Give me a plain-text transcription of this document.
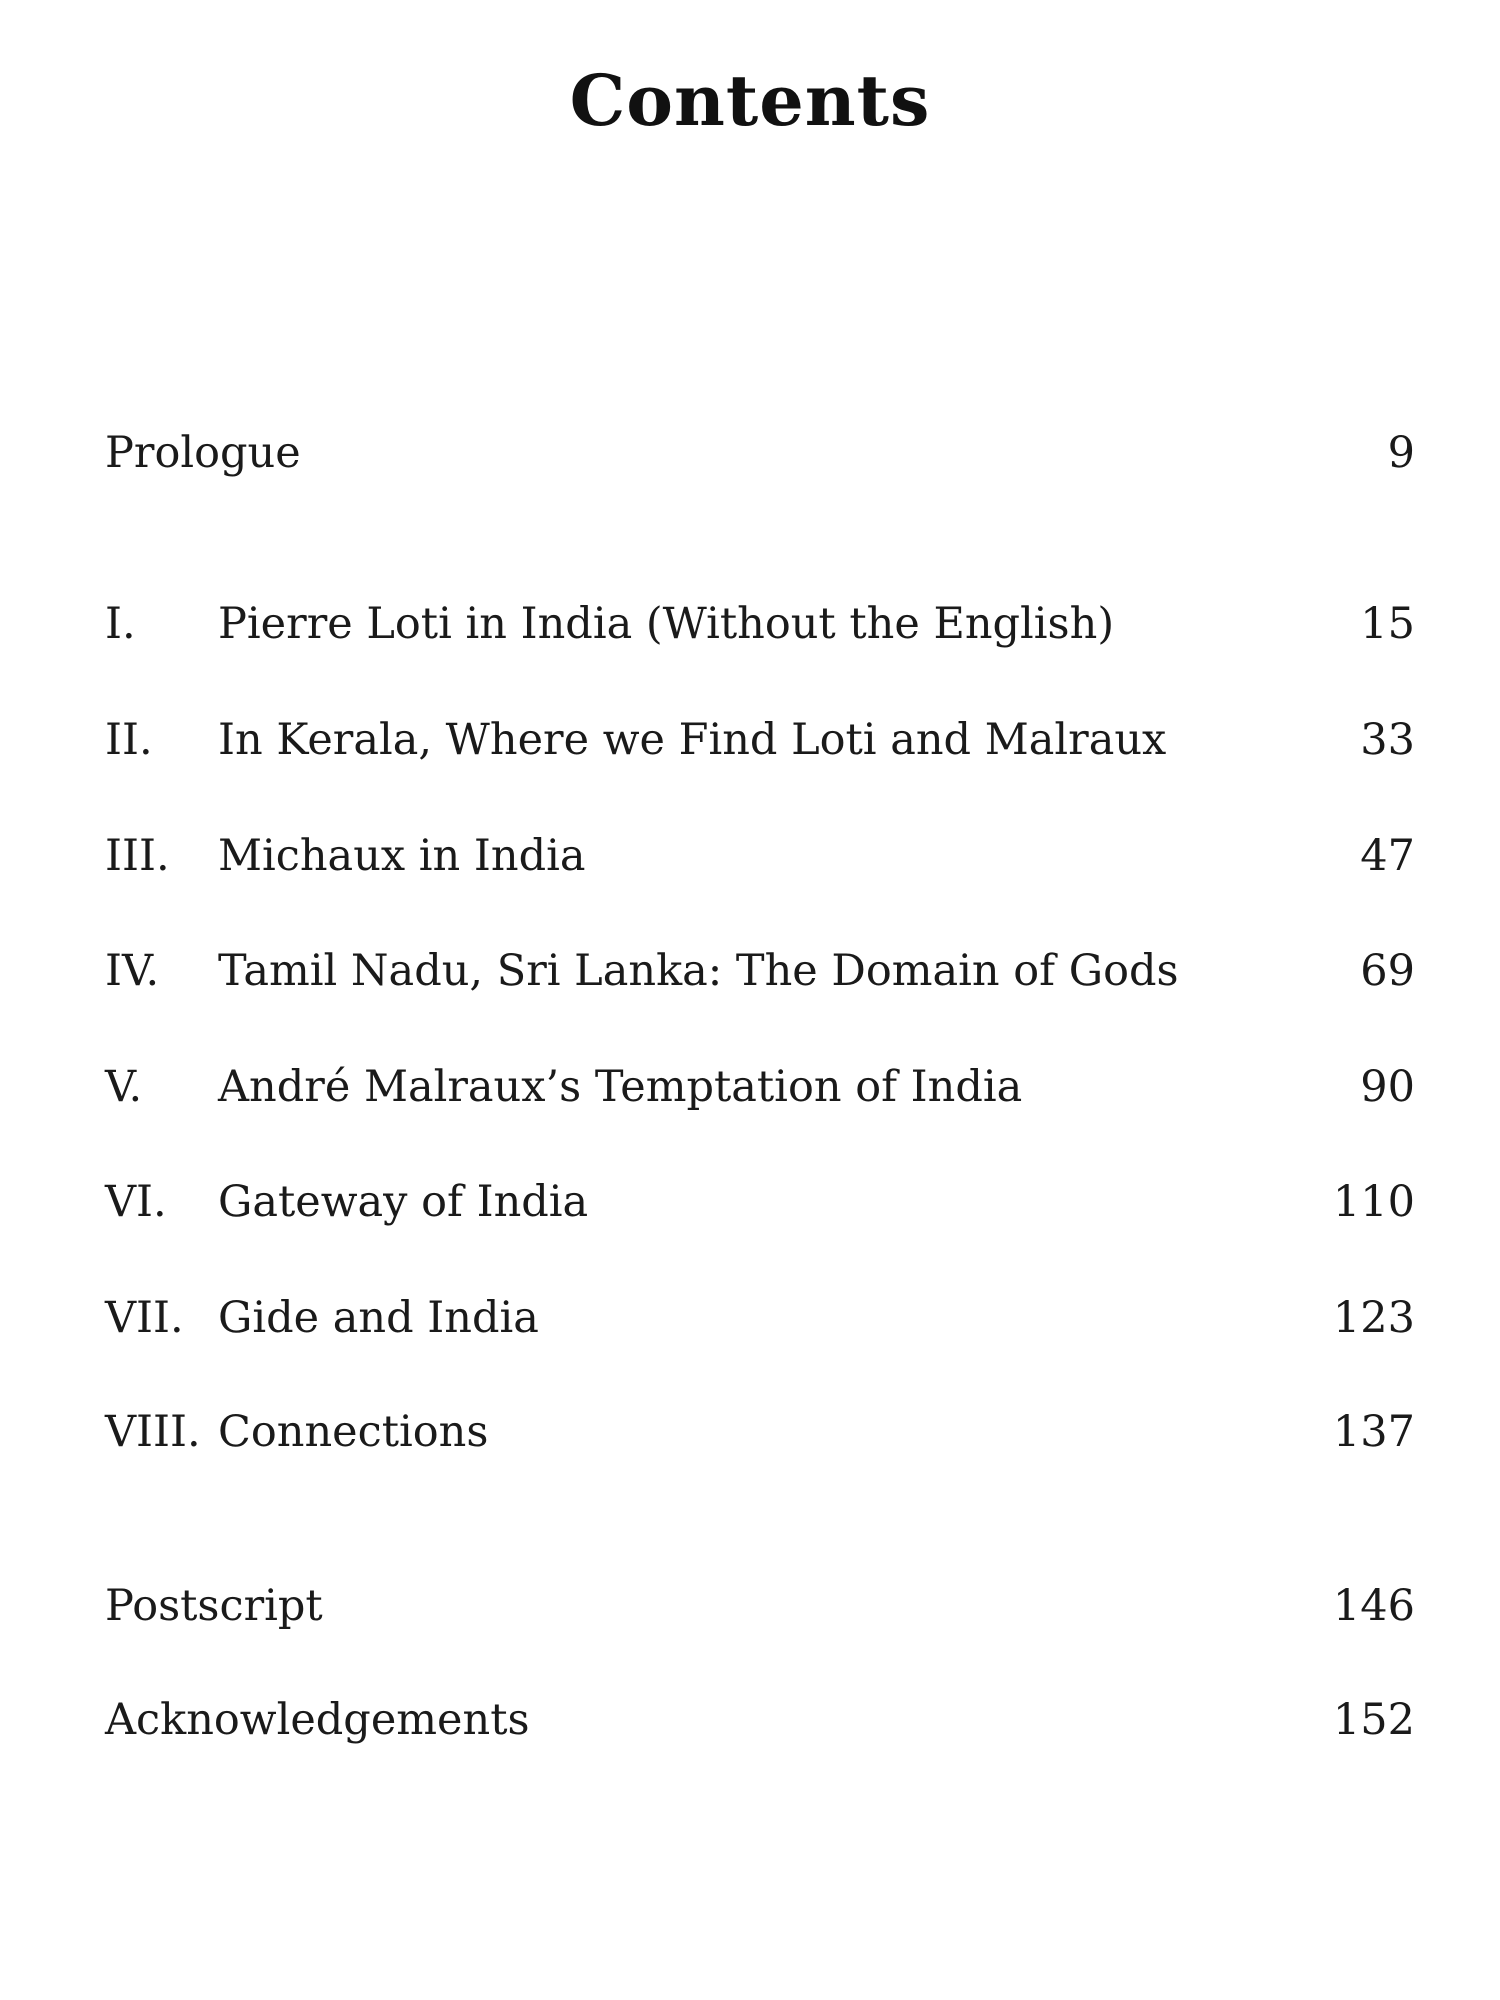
Contents
Prologue	9
I. Pierre Loti in India (Without the English)	15
II. In Kerala, Where we Find Loti and Malraux	33
III. Michaux in India	47
IV. Tamil Nadu, Sri Lanka: The Domain of Gods	69
V. André Malraux’s Temptation of India	90
VI. Gateway of India	110
VII. Gide and India	123
VIII. Connections	137
Postscript	146
Acknowledgements	152
